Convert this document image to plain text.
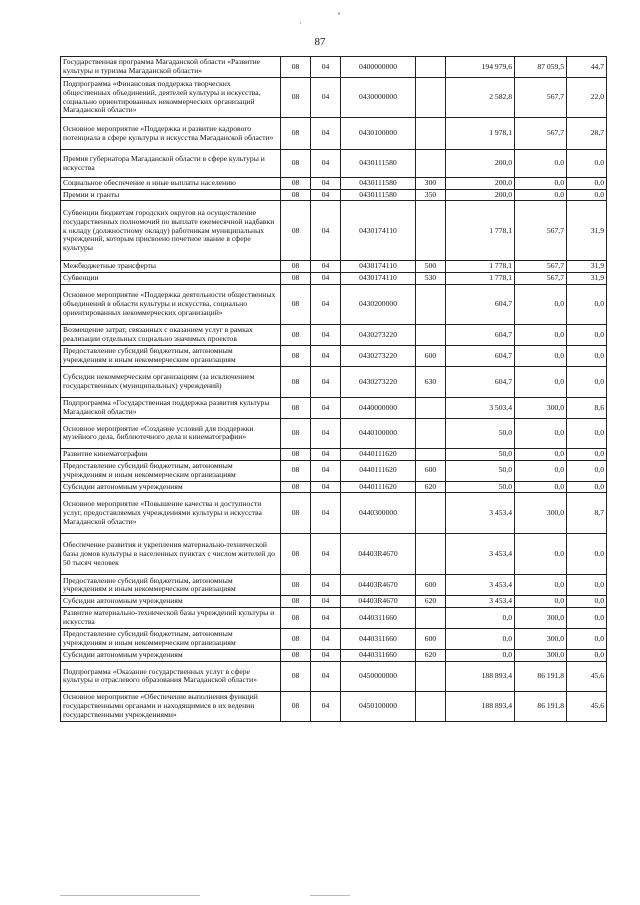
87
Государственная программа Магаданской области «Развитие культуры и туризма Магаданской области»	08	04	0400000000		194 979,6	87 059,5	44,7
Подпрограмма «Финансовая поддержка творческих общественных объединений, деятелей культуры и искусства, социально ориентированных некоммерческих организаций Магаданской области»	08	04	0430000000		2 582,8	567,7	22,0
Основное мероприятие «Поддержка и развитие кадрового потенциала в сфере культуры и искусства Магаданской области»	08	04	0430100000		1 978,1	567,7	28,7
Премия губернатора Магаданской области в сфере культуры и искусства	08	04	0430111580		200,0	0,0	0,0
Социальное обеспечение и иные выплаты населению	08	04	0430111580	300	200,0	0,0	0,0
Премии и гранты	08	04	0430111580	350	200,0	0,0	0,0
Субвенции бюджетам городских округов на осуществление государственных полномочий по выплате ежемесячной надбавки к окладу (должностному окладу) работникам муниципальных учреждений, которым присвоено почетное звание в сфере культуры	08	04	0430174110		1 778,1	567,7	31,9
Межбюджетные трансферты	08	04	0430174110	500	1 778,1	567,7	31,9
Субвенции	08	04	0430174110	530	1 778,1	567,7	31,9
Основное мероприятие «Поддержка деятельности общественных объединений в области культуры и искусства, социально ориентированных некоммерческих организаций»	08	04	0430200000		604,7	0,0	0,0
Возмещение затрат, связанных с оказанием услуг в рамках реализации отдельных социально значимых проектов	08	04	0430273220		604,7	0,0	0,0
Предоставление субсидий бюджетным, автономным учреждениям и иным некоммерческим организациям	08	04	0430273220	600	604,7	0,0	0,0
Субсидии некоммерческим организациям (за исключением государственных (муниципальных) учреждений)	08	04	0430273220	630	604,7	0,0	0,0
Подпрограмма «Государственная поддержка развития культуры Магаданской области»	08	04	0440000000		3 503,4	300,0	8,6
Основное мероприятие «Создание условий для поддержки музейного дела, библиотечного дела и кинематографии»	08	04	0440100000		50,0	0,0	0,0
Развитие кинематографии	08	04	0440111620		50,0	0,0	0,0
Предоставление субсидий бюджетным, автономным учреждениям и иным некоммерческим организациям	08	04	0440111620	600	50,0	0,0	0,0
Субсидии автономным учреждениям	08	04	0440111620	620	50,0	0,0	0,0
Основное мероприятие «Повышение качества и доступности услуг, предоставляемых учреждениями культуры и искусства Магаданской области»	08	04	0440300000		3 453,4	300,0	8,7
Обеспечение развития и укрепления материально-технической базы домов культуры в населенных пунктах с числом жителей до 50 тысяч человек	08	04	04403R4670		3 453,4	0,0	0,0
Предоставление субсидий бюджетным, автономным учреждениям и иным некоммерческим организациям	08	04	04403R4670	600	3 453,4	0,0	0,0
Субсидии автономным учреждениям	08	04	04403R4670	620	3 453,4	0,0	0,0
Развитие материально-технической базы учреждений культуры и искусства	08	04	0440311660		0,0	300,0	0,0
Предоставление субсидий бюджетным, автономным учреждениям и иным некоммерческим организациям	08	04	0440311660	600	0,0	300,0	0,0
Субсидии автономным учреждениям	08	04	0440311660	620	0,0	300,0	0,0
Подпрограмма «Оказание государственных услуг в сфере культуры и отраслевого образования Магаданской области»	08	04	0450000000		188 893,4	86 191,8	45,6
Основное мероприятие «Обеспечение выполнения функций государственными органами и находящимися в их ведении государственными учреждениями»	08	04	0450100000		188 893,4	86 191,8	45,6
